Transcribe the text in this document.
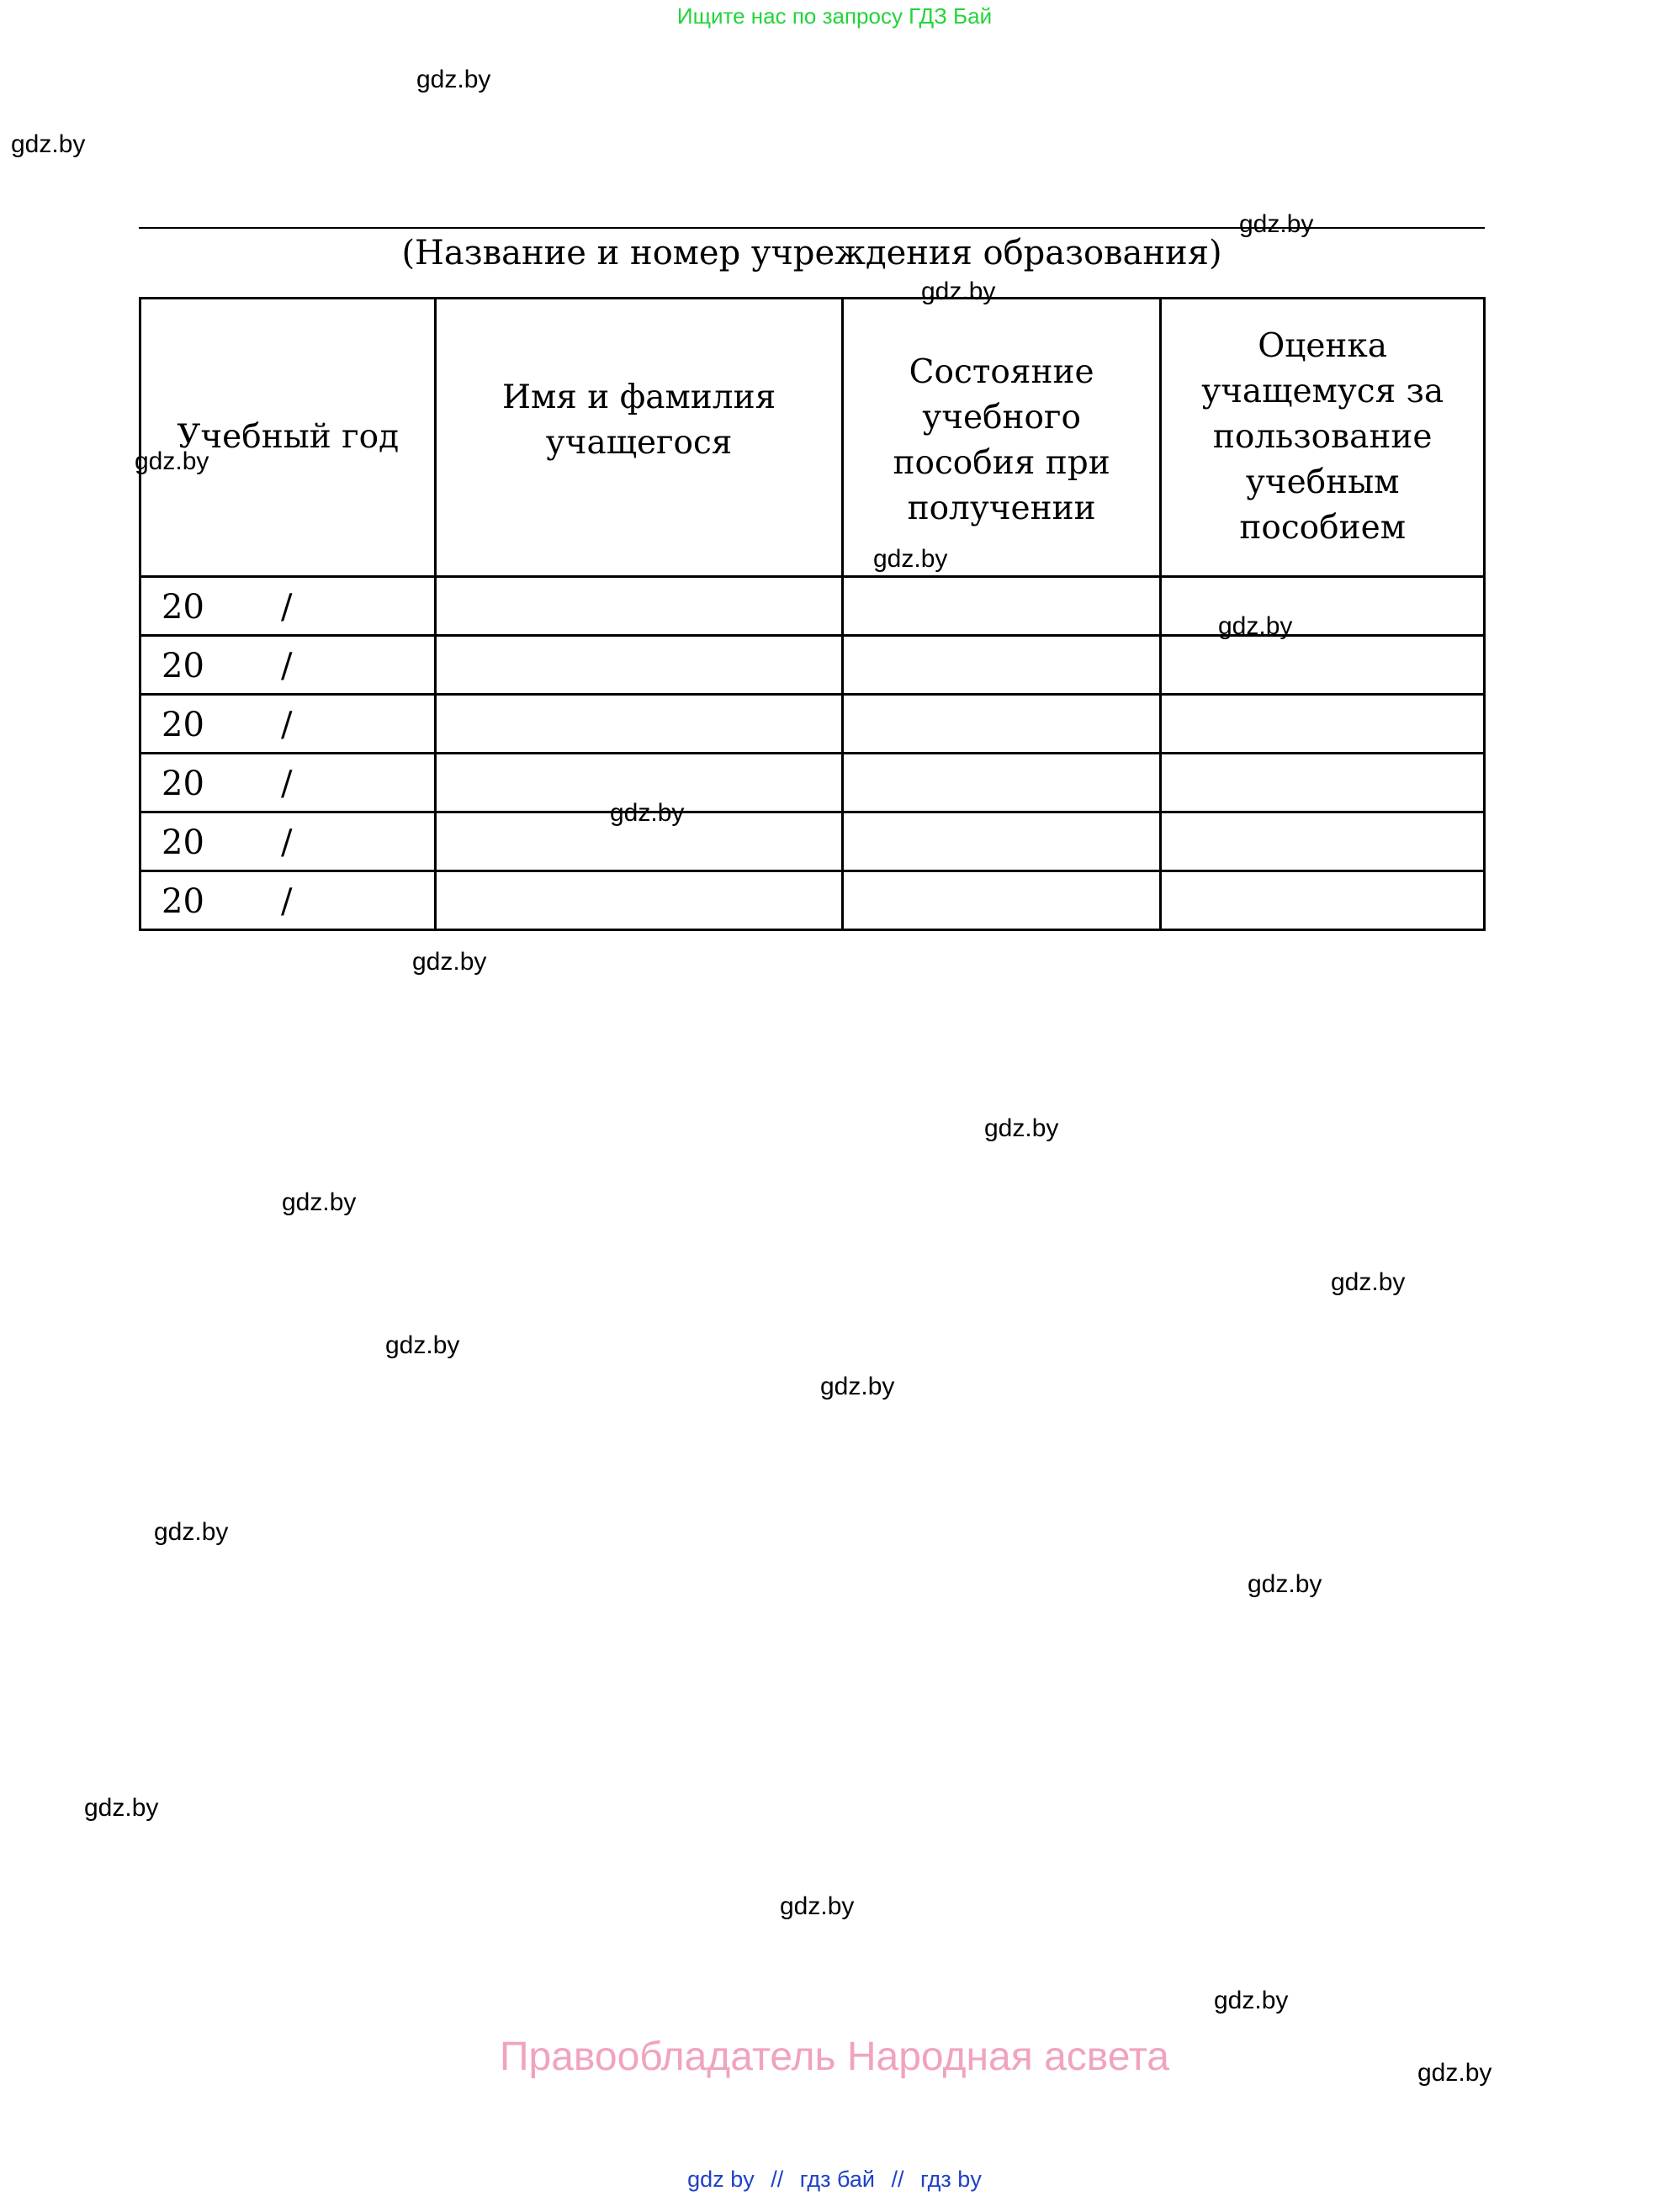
Ищите нас по запросу ГДЗ Бай
gdz.by
gdz.by
gdz.by
(Название и номер учреждения образования)
Учебный год	Имя и фамилия учащегося	Состояние учебного пособия при получении	Оценка учащемуся за пользование учебным пособием

20 /			

20 /			

20 /			

20 /			

20 /			

20 /			

gdz.by
gdz.by
gdz.by
gdz.by
gdz.by
gdz.by
gdz.by
gdz.by
gdz.by
gdz.by
gdz.by
gdz.by
gdz.by
gdz.by
gdz.by
gdz.by
gdz.by
Правообладатель Народная асвета
gdz by // гдз бай // гдз by
